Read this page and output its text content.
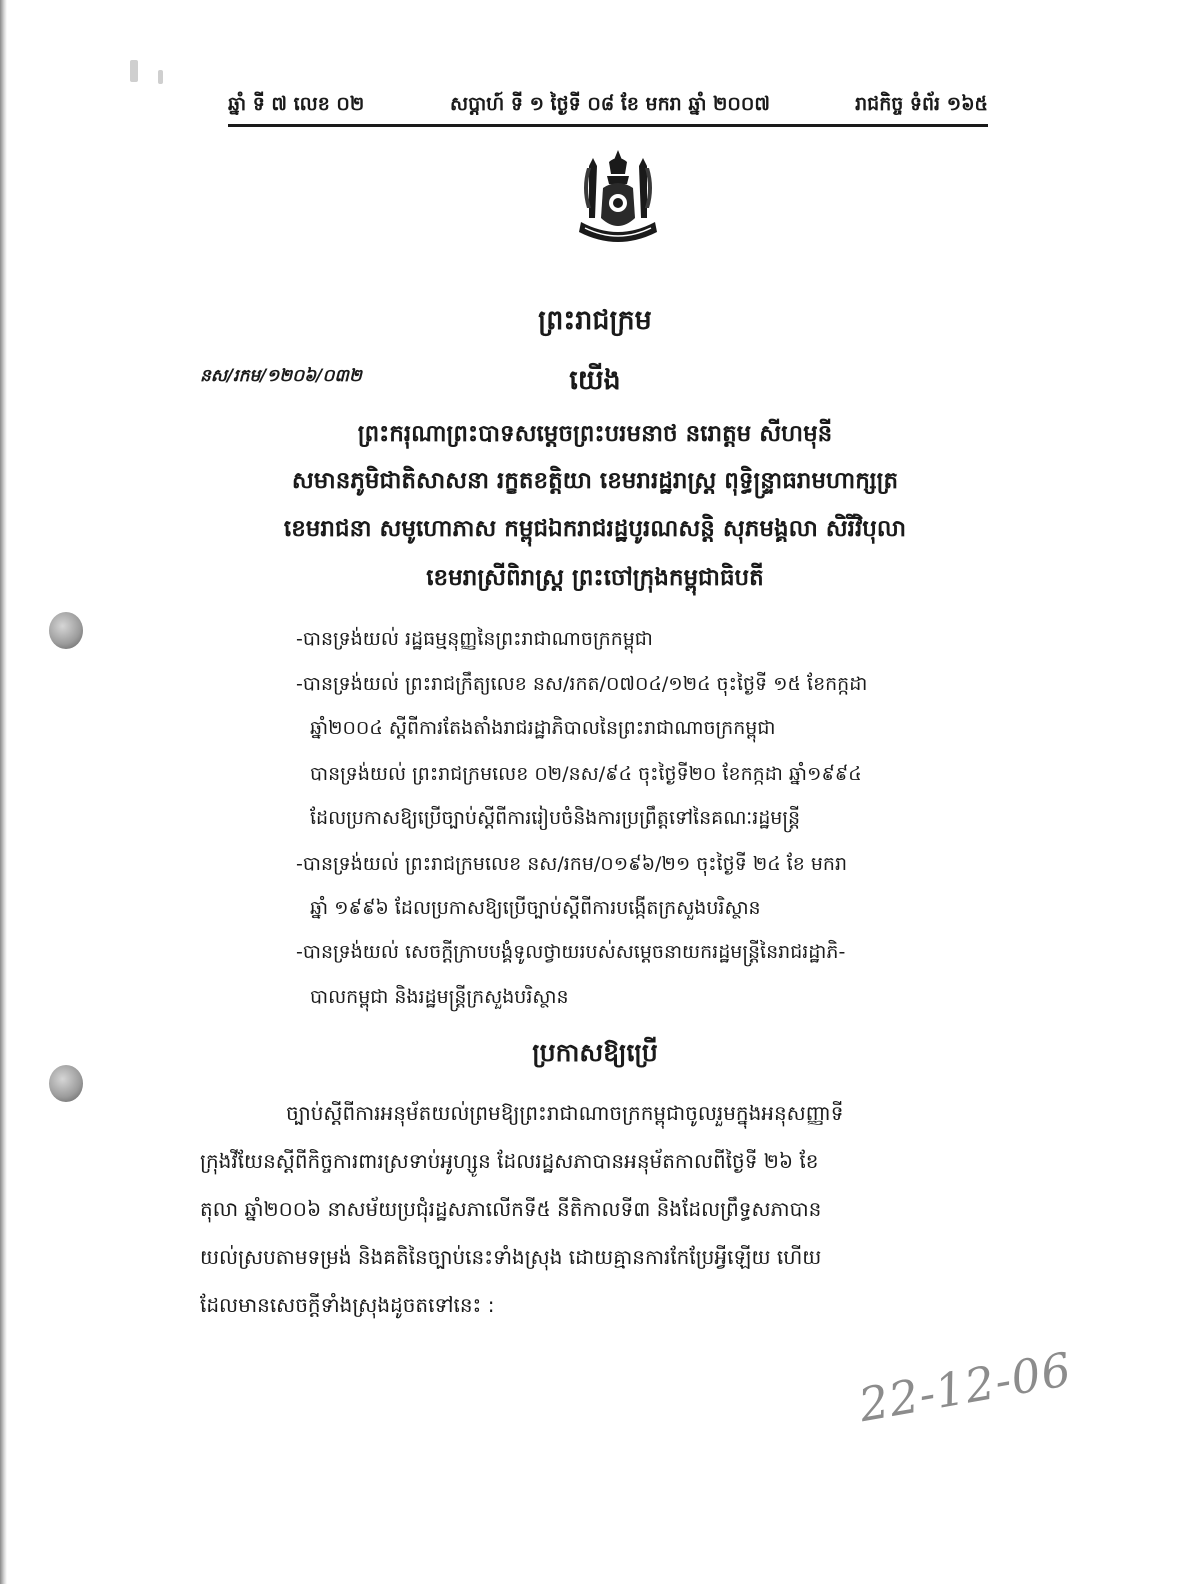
ឆ្នាំ ទី ៧ លេខ ០២	សប្តាហ៍ ទី ១ ថ្ងៃទី ០៨ ខែ មករា ឆ្នាំ ២០០៧	រាជកិច្ច ទំព័រ ១៦៥
ព្រះរាជក្រម
នស/រកម/១២០៦/០៣២	យើង
ព្រះករុណាព្រះបាទសម្តេចព្រះបរមនាថ នរោត្តម សីហមុនី
សមានភូមិជាតិសាសនា រក្ខតខត្តិយា ខេមរារដ្ឋរាស្ត្រ ពុទ្ធិន្ទ្រាធរាមហាក្សត្រ
ខេមរាជនា សមូហោភាស កម្ពុជឯករាជរដ្ឋបូរណសន្តិ សុភមង្គលា សិរីវិបុលា
ខេមរាស្រីពិរាស្ត្រ ព្រះចៅក្រុងកម្ពុជាធិបតី
-បានទ្រង់យល់ រដ្ឋធម្មនុញ្ញនៃព្រះរាជាណាចក្រកម្ពុជា
-បានទ្រង់យល់ ព្រះរាជក្រឹត្យលេខ នស/រកត/០៧០៤/១២៤ ចុះថ្ងៃទី ១៥ ខែកក្កដា
ឆ្នាំ២០០៤ ស្តីពីការតែងតាំងរាជរដ្ឋាភិបាលនៃព្រះរាជាណាចក្រកម្ពុជា
បានទ្រង់យល់ ព្រះរាជក្រមលេខ ០២/នស/៩៤ ចុះថ្ងៃទី២០ ខែកក្កដា ឆ្នាំ១៩៩៤
ដែលប្រកាសឱ្យប្រើច្បាប់ស្តីពីការរៀបចំនិងការប្រព្រឹត្តទៅនៃគណៈរដ្ឋមន្ត្រី
-បានទ្រង់យល់ ព្រះរាជក្រមលេខ នស/រកម/០១៩៦/២១ ចុះថ្ងៃទី ២៤ ខែ មករា
ឆ្នាំ ១៩៩៦ ដែលប្រកាសឱ្យប្រើច្បាប់ស្តីពីការបង្កើតក្រសួងបរិស្ថាន
-បានទ្រង់យល់ សេចក្តីក្រាបបង្គំទូលថ្វាយរបស់សម្តេចនាយករដ្ឋមន្ត្រីនៃរាជរដ្ឋាភិ-
បាលកម្ពុជា និងរដ្ឋមន្ត្រីក្រសួងបរិស្ថាន
ប្រកាសឱ្យប្រើ
ច្បាប់ស្តីពីការអនុម័តយល់ព្រមឱ្យព្រះរាជាណាចក្រកម្ពុជាចូលរួមក្នុងអនុសញ្ញាទី
ក្រុងវីយែនស្តីពីកិច្ចការពារស្រទាប់អូហ្សូន ដែលរដ្ឋសភាបានអនុម័តកាលពីថ្ងៃទី ២៦ ខែ
តុលា ឆ្នាំ២០០៦ នាសម័យប្រជុំរដ្ឋសភាលើកទី៥ នីតិកាលទី៣ និងដែលព្រឹទ្ធសភាបាន
យល់ស្របតាមទម្រង់ និងគតិនៃច្បាប់នេះទាំងស្រុង ដោយគ្មានការកែប្រែអ្វីឡើយ ហើយ
ដែលមានសេចក្តីទាំងស្រុងដូចតទៅនេះ :
22-12-06
